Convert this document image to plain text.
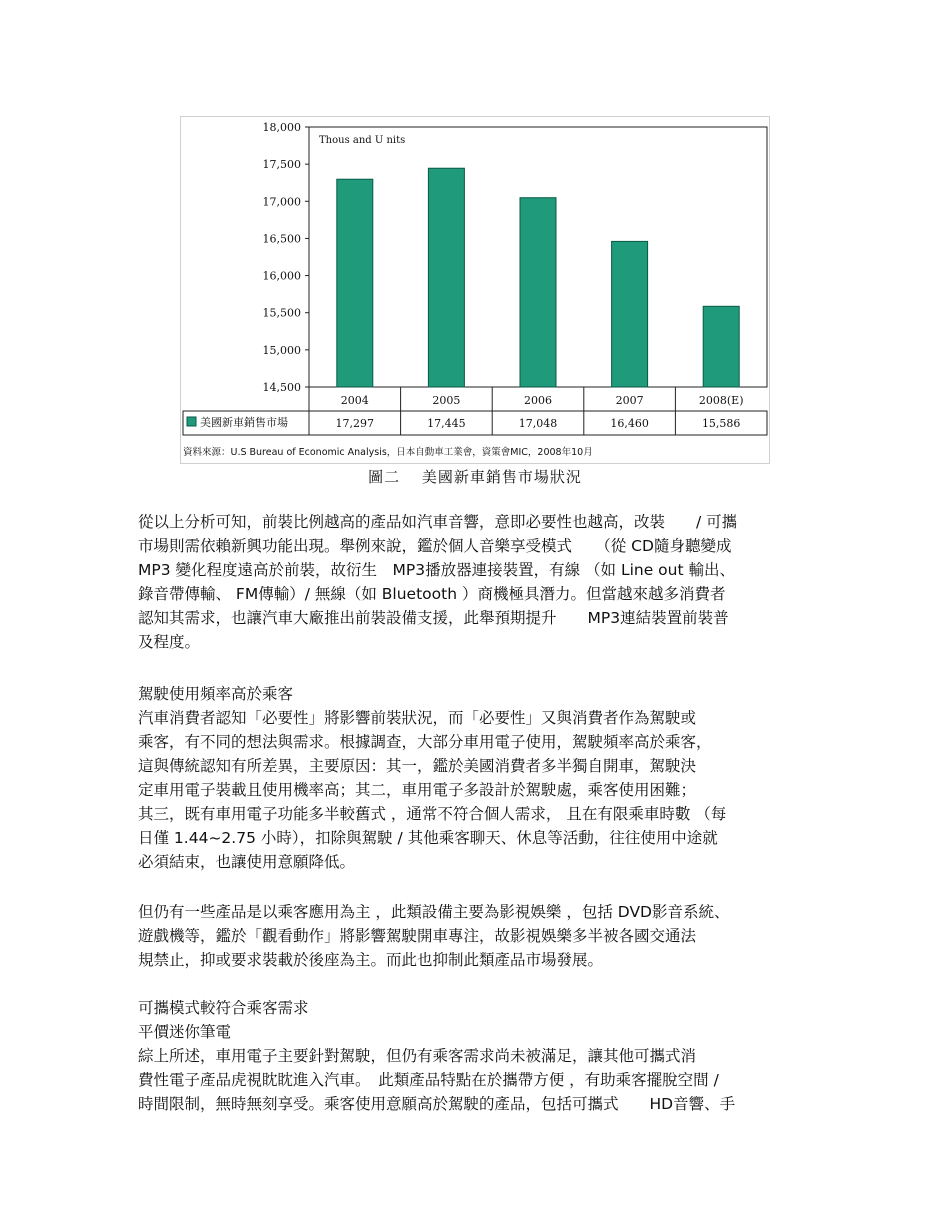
Thous and U nits
18,000
17,500
17,000
16,500
16,000
15,500
15,000
14,500
2004	2005	2006	2007	2008(E)
17,297	17,445	17,048	16,460	15,586
美國新車銷售市場
資料來源：U.S Bureau of Economic Analysis，日本自動車工業會，資策會MIC，2008年10月
圖二　 美國新車銷售市場狀況
從以上分析可知，前裝比例越高的產品如汽車音響，意即必要性也越高，改裝　　/ 可攜
市場則需依賴新興功能出現。舉例來說，鑑於個人音樂享受模式　　（從 CD隨身聽變成
MP3 變化程度遠高於前裝，故衍生　MP3播放器連接裝置，有線 （如 Line out 輸出、
錄音帶傳輸、 FM傳輸）/ 無線（如 Bluetooth ）商機極具潛力。但當越來越多消費者
認知其需求，也讓汽車大廠推出前裝設備支援，此舉預期提升　　MP3連結裝置前裝普
及程度。
駕駛使用頻率高於乘客
汽車消費者認知「必要性」將影響前裝狀況，而「必要性」又與消費者作為駕駛或
乘客，有不同的想法與需求。根據調查，大部分車用電子使用，駕駛頻率高於乘客，
這與傳統認知有所差異，主要原因：其一，鑑於美國消費者多半獨自開車，駕駛決
定車用電子裝載且使用機率高；其二，車用電子多設計於駕駛處，乘客使用困難；
其三，既有車用電子功能多半較舊式 ，通常不符合個人需求， 且在有限乘車時數 （每
日僅 1.44~2.75 小時），扣除與駕駛 / 其他乘客聊天、休息等活動，往往使用中途就
必須結束，也讓使用意願降低。
但仍有一些產品是以乘客應用為主 ，此類設備主要為影視娛樂 ，包括 DVD影音系統、
遊戲機等，鑑於「觀看動作」將影響駕駛開車專注，故影視娛樂多半被各國交通法
規禁止，抑或要求裝載於後座為主。而此也抑制此類產品市場發展。
可攜模式較符合乘客需求
平價迷你筆電
綜上所述，車用電子主要針對駕駛，但仍有乘客需求尚未被滿足，讓其他可攜式消
費性電子產品虎視眈眈進入汽車。　此類產品特點在於攜帶方便 ，有助乘客擺脫空間 /
時間限制，無時無刻享受。乘客使用意願高於駕駛的產品，包括可攜式　　HD音響、手
